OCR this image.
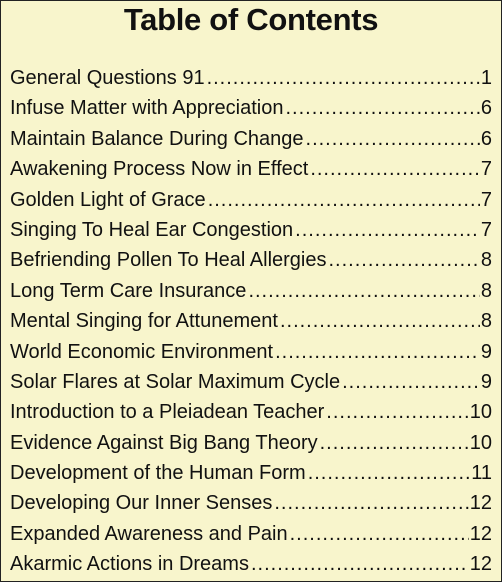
Table of Contents
General Questions 91 .....	1
Infuse Matter with Appreciation .....	6
Maintain Balance During Change .....	6
Awakening Process Now in Effect .....	7
Golden Light of Grace .....	7
Singing To Heal Ear Congestion .....	7
Befriending Pollen To Heal Allergies .....	8
Long Term Care Insurance .....	8
Mental Singing for Attunement .....	8
World Economic Environment .....	9
Solar Flares at Solar Maximum Cycle .....	9
Introduction to a Pleiadean Teacher .....	10
Evidence Against Big Bang Theory .....	10
Development of the Human Form .....	11
Developing Our Inner Senses .....	12
Expanded Awareness and Pain .....	12
Akarmic Actions in Dreams .....	12
